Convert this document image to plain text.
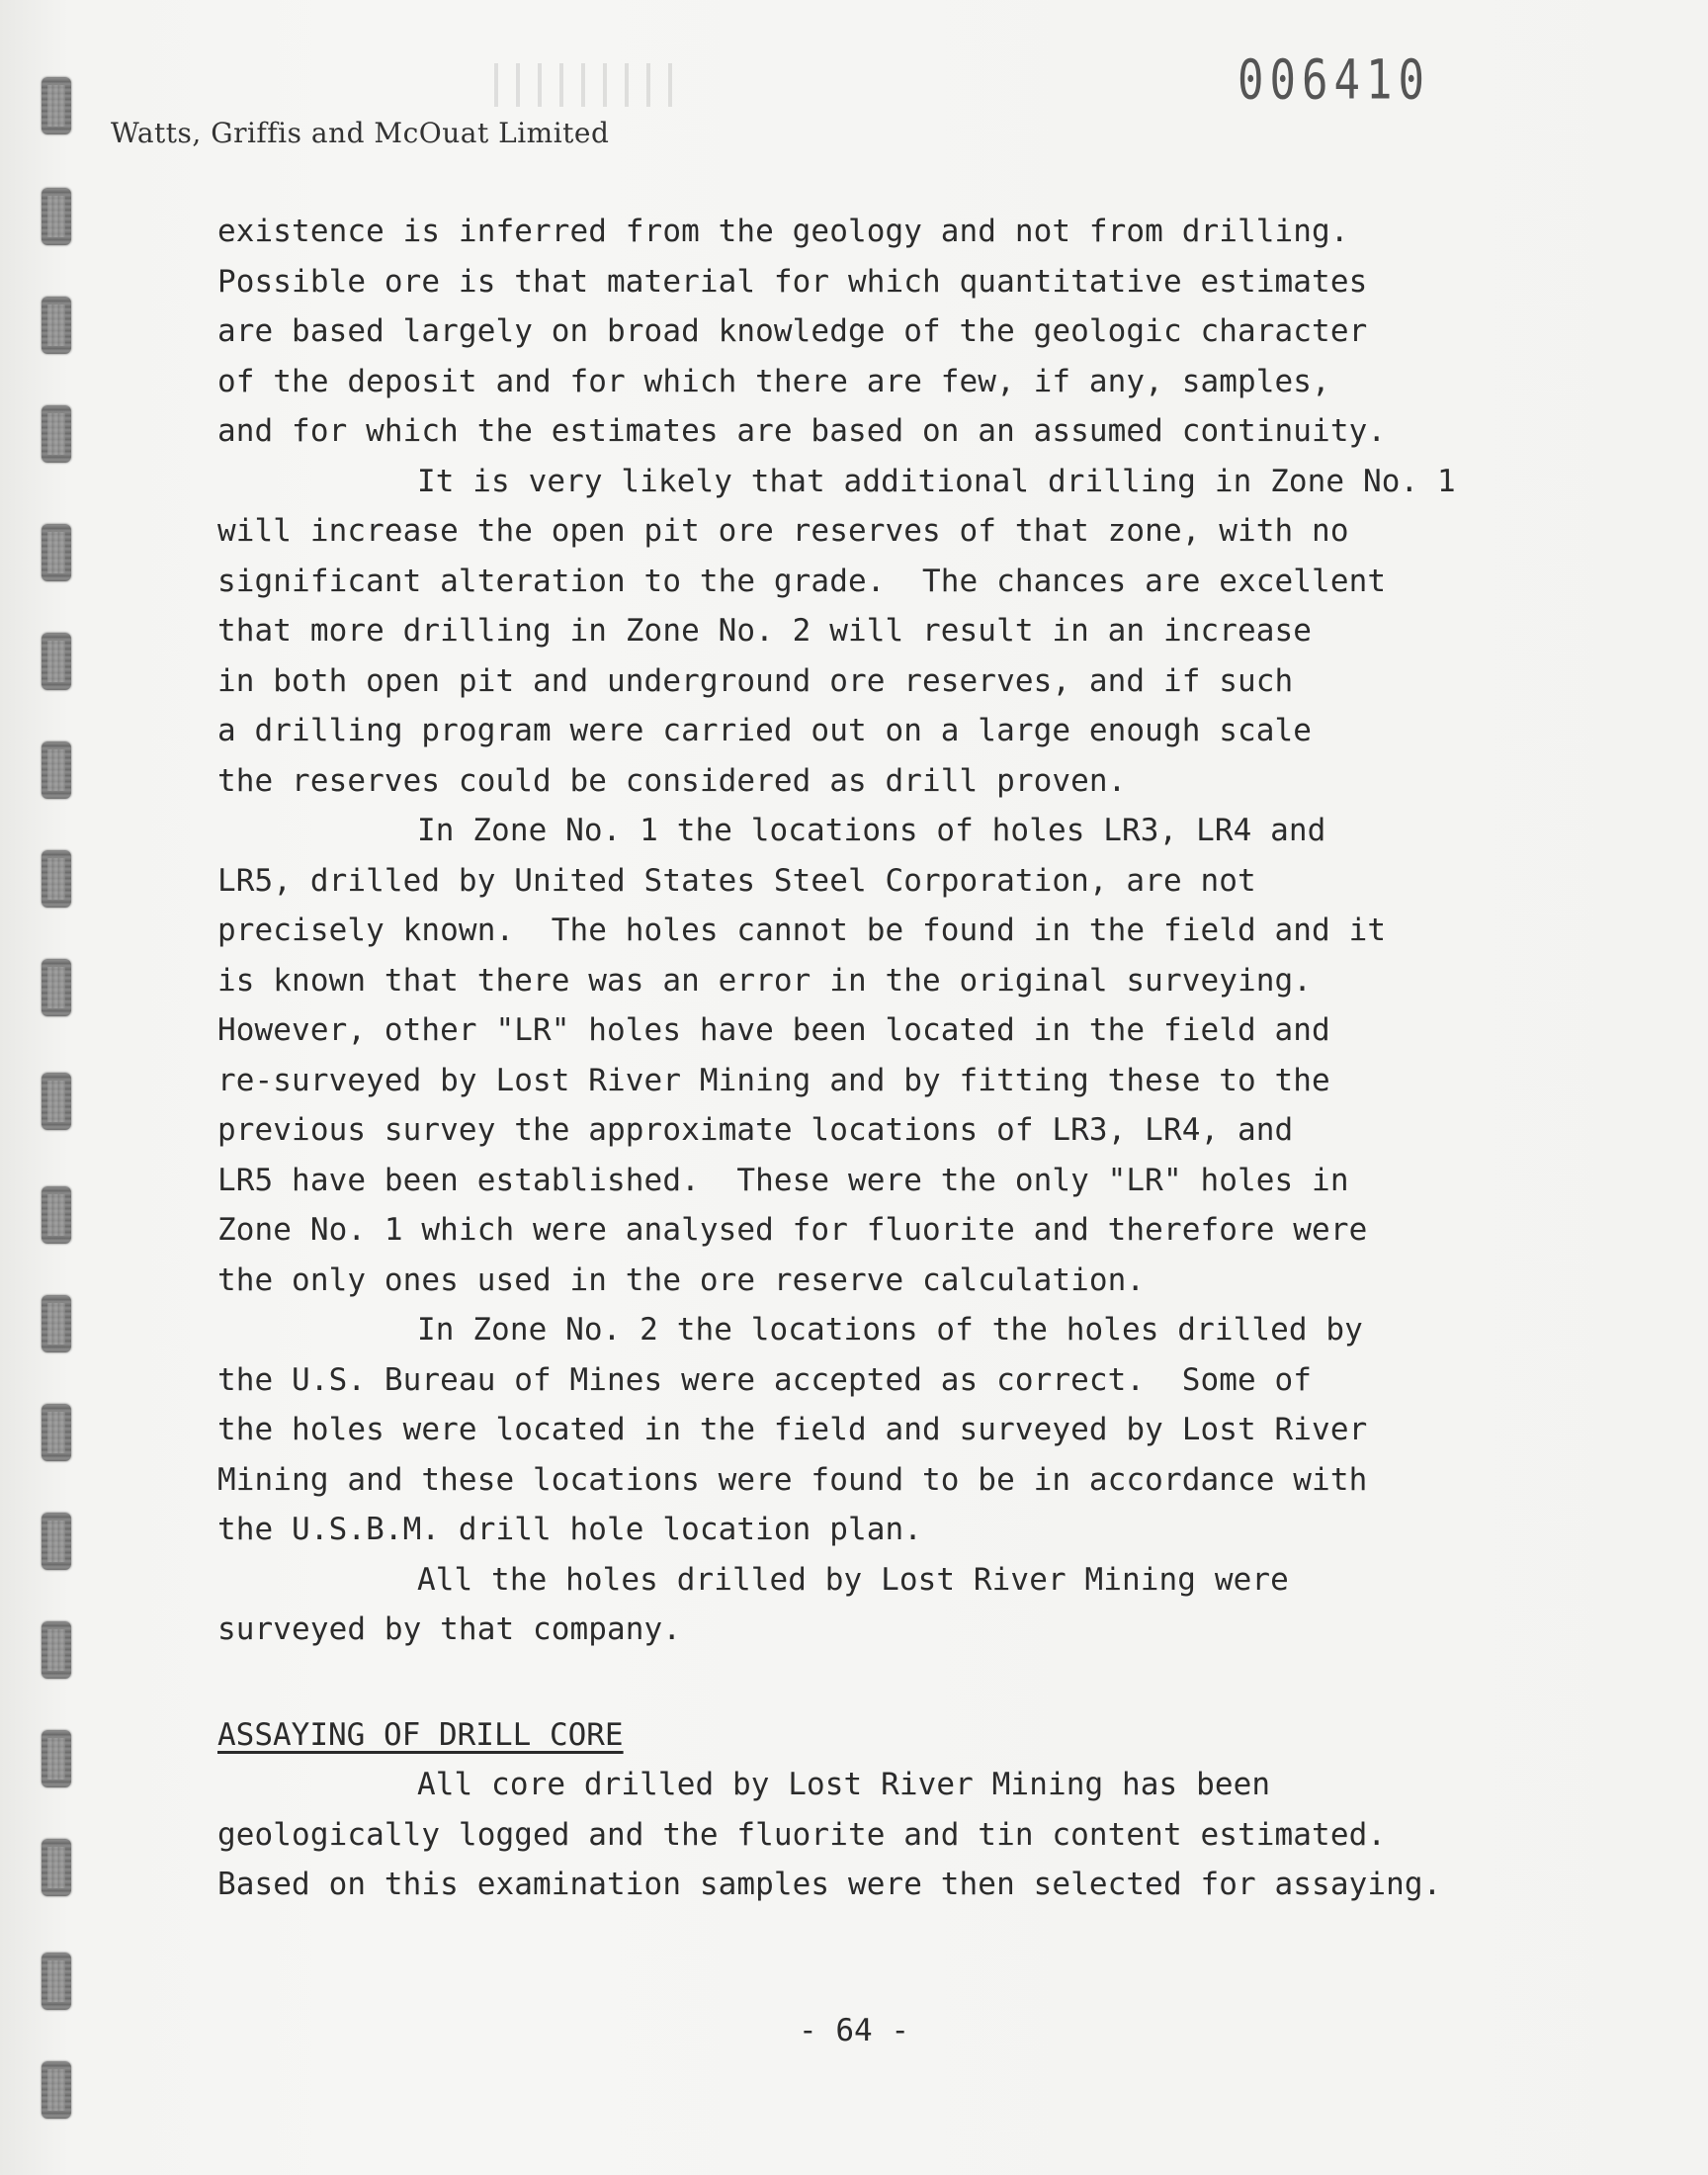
Watts, Griffis and McOuat Limited
006410
existence is inferred from the geology and not from drilling.
Possible ore is that material for which quantitative estimates
are based largely on broad knowledge of the geologic character
of the deposit and for which there are few, if any, samples,
and for which the estimates are based on an assumed continuity.
It is very likely that additional drilling in Zone No. 1
will increase the open pit ore reserves of that zone, with no
significant alteration to the grade.  The chances are excellent
that more drilling in Zone No. 2 will result in an increase
in both open pit and underground ore reserves, and if such
a drilling program were carried out on a large enough scale
the reserves could be considered as drill proven.
In Zone No. 1 the locations of holes LR3, LR4 and
LR5, drilled by United States Steel Corporation, are not
precisely known.  The holes cannot be found in the field and it
is known that there was an error in the original surveying.
However, other "LR" holes have been located in the field and
re-surveyed by Lost River Mining and by fitting these to the
previous survey the approximate locations of LR3, LR4, and
LR5 have been established.  These were the only "LR" holes in
Zone No. 1 which were analysed for fluorite and therefore were
the only ones used in the ore reserve calculation.
In Zone No. 2 the locations of the holes drilled by
the U.S. Bureau of Mines were accepted as correct.  Some of
the holes were located in the field and surveyed by Lost River
Mining and these locations were found to be in accordance with
the U.S.B.M. drill hole location plan.
All the holes drilled by Lost River Mining were
surveyed by that company.
ASSAYING OF DRILL CORE
All core drilled by Lost River Mining has been
geologically logged and the fluorite and tin content estimated.
Based on this examination samples were then selected for assaying.
- 64 -
